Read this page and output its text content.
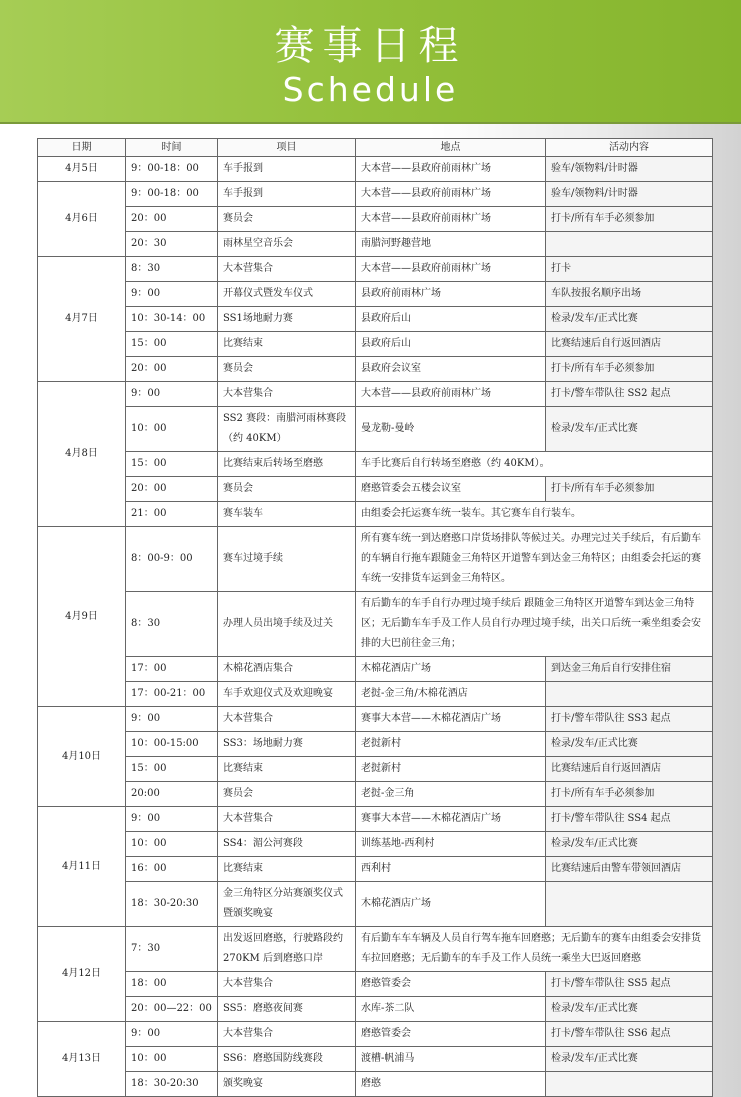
赛事日程
Schedule
日期	时间	项目	地点	活动内容
4月5日	9：00-18：00	车手报到	大本营——县政府前雨林广场	验车/领物料/计时器
4月6日	9：00-18：00	车手报到	大本营——县政府前雨林广场	验车/领物料/计时器
	20：00	赛员会	大本营——县政府前雨林广场	打卡/所有车手必须参加
	20：30	雨林星空音乐会	南腊河野趣营地	
4月7日	8：30	大本营集合	大本营——县政府前雨林广场	打卡
	9：00	开幕仪式暨发车仪式	县政府前雨林广场	车队按报名顺序出场
	10：30-14：00	SS1场地耐力赛	县政府后山	检录/发车/正式比赛
	15：00	比赛结束	县政府后山	比赛结速后自行返回酒店
	20：00	赛员会	县政府会议室	打卡/所有车手必须参加
4月8日	9：00	大本营集合	大本营——县政府前雨林广场	打卡/警车带队往 SS2 起点
	10：00	SS2 赛段：南腊河雨林赛段（约 40KM）	曼龙勒-曼岭	检录/发车/正式比赛
	15：00	比赛结束后转场至磨憨	车手比赛后自行转场至磨憨（约 40KM）。	
	20：00	赛员会	磨憨管委会五楼会议室	打卡/所有车手必须参加
	21：00	赛车装车	由组委会托运赛车统一装车。其它赛车自行装车。	
4月9日	8：00-9：00	赛车过境手续	所有赛车统一到达磨憨口岸货场排队等候过关。办理完过关手续后，有后勤车的车辆自行拖车跟随金三角特区开道警车到达金三角特区；由组委会托运的赛车统一安排货车运到金三角特区。	
	8：30	办理人员出境手续及过关	有后勤车的车手自行办理过境手续后 跟随金三角特区开道警车到达金三角特区；无后勤车车手及工作人员自行办理过境手续，出关口后统一乘坐组委会安排的大巴前往金三角；	
	17：00	木棉花酒店集合	木棉花酒店广场	到达金三角后自行安排住宿
	17：00-21：00	车手欢迎仪式及欢迎晚宴	老挝-金三角/木棉花酒店	
4月10日	9：00	大本营集合	赛事大本营——木棉花酒店广场	打卡/警车带队往 SS3 起点
	10：00-15:00	SS3：场地耐力赛	老挝新村	检录/发车/正式比赛
	15：00	比赛结束	老挝新村	比赛结速后自行返回酒店
	20:00	赛员会	老挝-金三角	打卡/所有车手必须参加
4月11日	9：00	大本营集合	赛事大本营——木棉花酒店广场	打卡/警车带队往 SS4 起点
	10：00	SS4：湄公河赛段	训练基地-西利村	检录/发车/正式比赛
	16：00	比赛结束	西利村	比赛结速后由警车带领回酒店
	18：30-20:30	金三角特区分站赛颁奖仪式暨颁奖晚宴	木棉花酒店广场	
4月12日	7：30	出发返回磨憨，行驶路段约 270KM 后到磨憨口岸	有后勤车车车辆及人员自行驾车拖车回磨憨；无后勤车的赛车由组委会安排货车拉回磨憨；无后勤车的车手及工作人员统一乘坐大巴返回磨憨	
	18：00	大本营集合	磨憨管委会	打卡/警车带队往 SS5 起点
	20：00—22：00	SS5：磨憨夜间赛	水库-茶二队	检录/发车/正式比赛
4月13日	9：00	大本营集合	磨憨管委会	打卡/警车带队往 SS6 起点
	10：00	SS6：磨憨国防线赛段	渡槽-帆浦马	检录/发车/正式比赛
	18：30-20:30	颁奖晚宴	磨憨	
